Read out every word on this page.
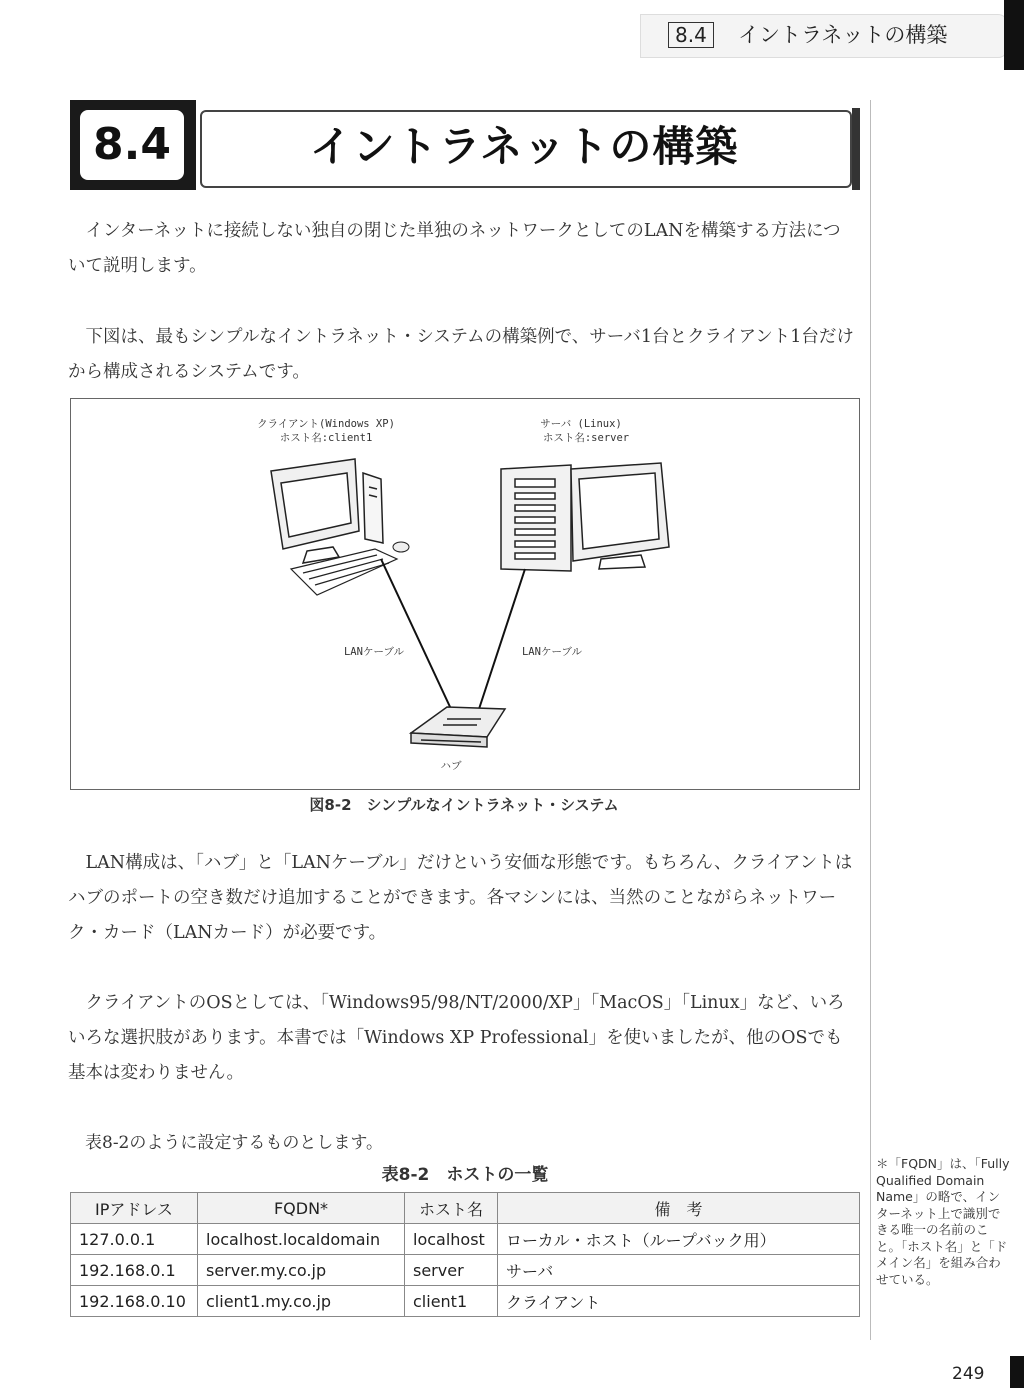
8.4	イントラネットの構築
8.4	イントラネットの構築

インターネットに接続しない独自の閉じた単独のネットワークとしてのLANを構築する方法について説明します。

下図は、最もシンプルなイントラネット・システムの構築例で、サーバ1台とクライアント1台だけから構成されるシステムです。

クライアント(Windows XP)
ホスト名:client1
サーバ (Linux)
ホスト名:server
LANケーブル	LANケーブル
ハブ
図8-2　シンプルなイントラネット・システム

LAN構成は、「ハブ」と「LANケーブル」だけという安価な形態です。もちろん、クライアントはハブのポートの空き数だけ追加することができます。各マシンには、当然のことながらネットワーク・カード（LANカード）が必要です。

クライアントのOSとしては、「Windows95/98/NT/2000/XP」「MacOS」「Linux」など、いろいろな選択肢があります。本書では「Windows XP Professional」を使いましたが、他のOSでも基本は変わりません。

表8-2のように設定するものとします。

表8-2　ホストの一覧
IPアドレス	FQDN*	ホスト名	備　考
127.0.0.1	localhost.localdomain	localhost	ローカル・ホスト（ループバック用）
192.168.0.1	server.my.co.jp	server	サーバ
192.168.0.10	client1.my.co.jp	client1	クライアント
＊「FQDN」は、「Fully Qualified Domain Name」の略で、インターネット上で識別できる唯一の名前のこと。「ホスト名」と「ドメイン名」を組み合わせている。
249
